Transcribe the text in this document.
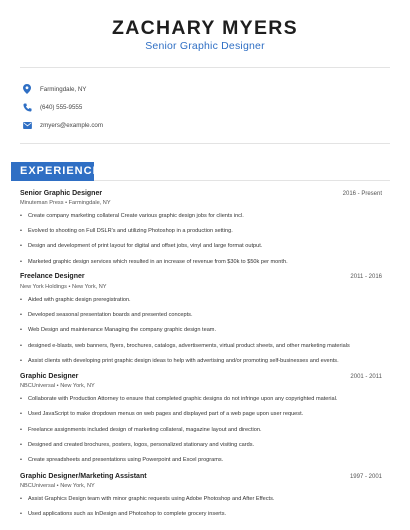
ZACHARY MYERS
Senior Graphic Designer
Farmingdale, NY
(640) 555-9555
zmyers@example.com
EXPERIENCE
Senior Graphic Designer	2016 - Present
Minuteman Press • Farmingdale, NY
• Create company marketing collateral Create various graphic design jobs for clients incl.
• Evolved to shooting on Full DSLR's and utilizing Photoshop in a production setting.
• Design and development of print layout for digital and offset jobs, vinyl and large format output.
• Marketed graphic design services which resulted in an increase of revenue from $30k to $50k per month.
Freelance Designer	2011 - 2016
New York Holdings • New York, NY
• Aided with graphic design preregistration.
• Developed seasonal presentation boards and presented concepts.
• Web Design and maintenance Managing the company graphic design team.
• designed e-blasts, web banners, flyers, brochures, catalogs, advertisements, virtual product sheets, and other marketing materials
• Assist clients with developing print graphic design ideas to help with advertising and/or promoting self-businesses and events.
Graphic Designer	2001 - 2011
NBCUniversal • New York, NY
• Collaborate with Production Attorney to ensure that completed graphic designs do not infringe upon any copyrighted material.
• Used JavaScript to make dropdown menus on web pages and displayed part of a web page upon user request.
• Freelance assignments included design of marketing collateral, magazine layout and direction.
• Designed and created brochures, posters, logos, personalized stationary and visiting cards.
• Create spreadsheets and presentations using Powerpoint and Excel programs.
Graphic Designer/Marketing Assistant	1997 - 2001
NBCUniversal • New York, NY
• Assist Graphics Design team with minor graphic requests using Adobe Photoshop and After Effects.
• Used applications such as InDesign and Photoshop to complete grocery inserts.
